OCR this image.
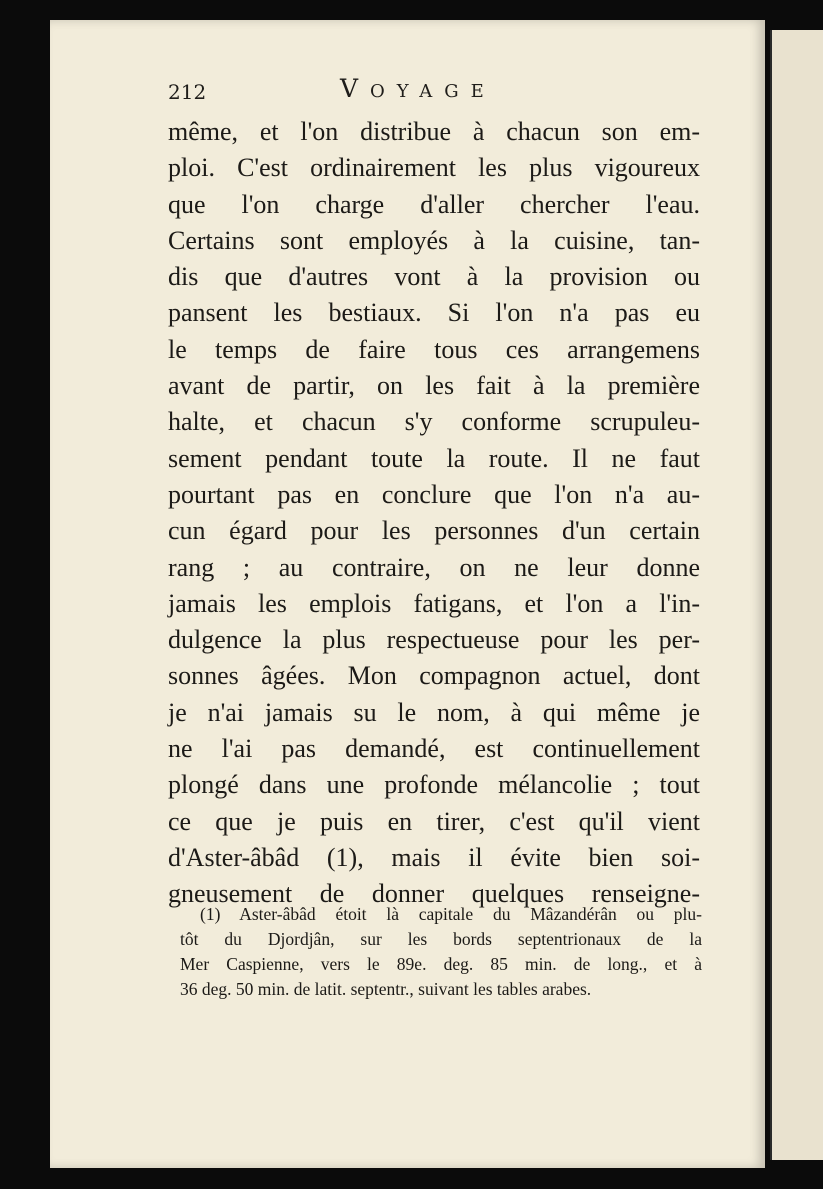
212	Voyage
même, et l'on distribue à chacun son em-
ploi. C'est ordinairement les plus vigoureux
que l'on charge d'aller chercher l'eau.
Certains sont employés à la cuisine, tan-
dis que d'autres vont à la provision ou
pansent les bestiaux. Si l'on n'a pas eu
le temps de faire tous ces arrangemens
avant de partir, on les fait à la première
halte, et chacun s'y conforme scrupuleu-
sement pendant toute la route. Il ne faut
pourtant pas en conclure que l'on n'a au-
cun égard pour les personnes d'un certain
rang ; au contraire, on ne leur donne
jamais les emplois fatigans, et l'on a l'in-
dulgence la plus respectueuse pour les per-
sonnes âgées. Mon compagnon actuel, dont
je n'ai jamais su le nom, à qui même je
ne l'ai pas demandé, est continuellement
plongé dans une profonde mélancolie ; tout
ce que je puis en tirer, c'est qu'il vient
d'Aster-âbâd (1), mais il évite bien soi-
gneusement de donner quelques renseigne-
(1) Aster-âbâd étoit là capitale du Mâzandérân ou plu-
tôt du Djordjân, sur les bords septentrionaux de la
Mer Caspienne, vers le 89e. deg. 85 min. de long., et à
36 deg. 50 min. de latit. septentr., suivant les tables arabes.
